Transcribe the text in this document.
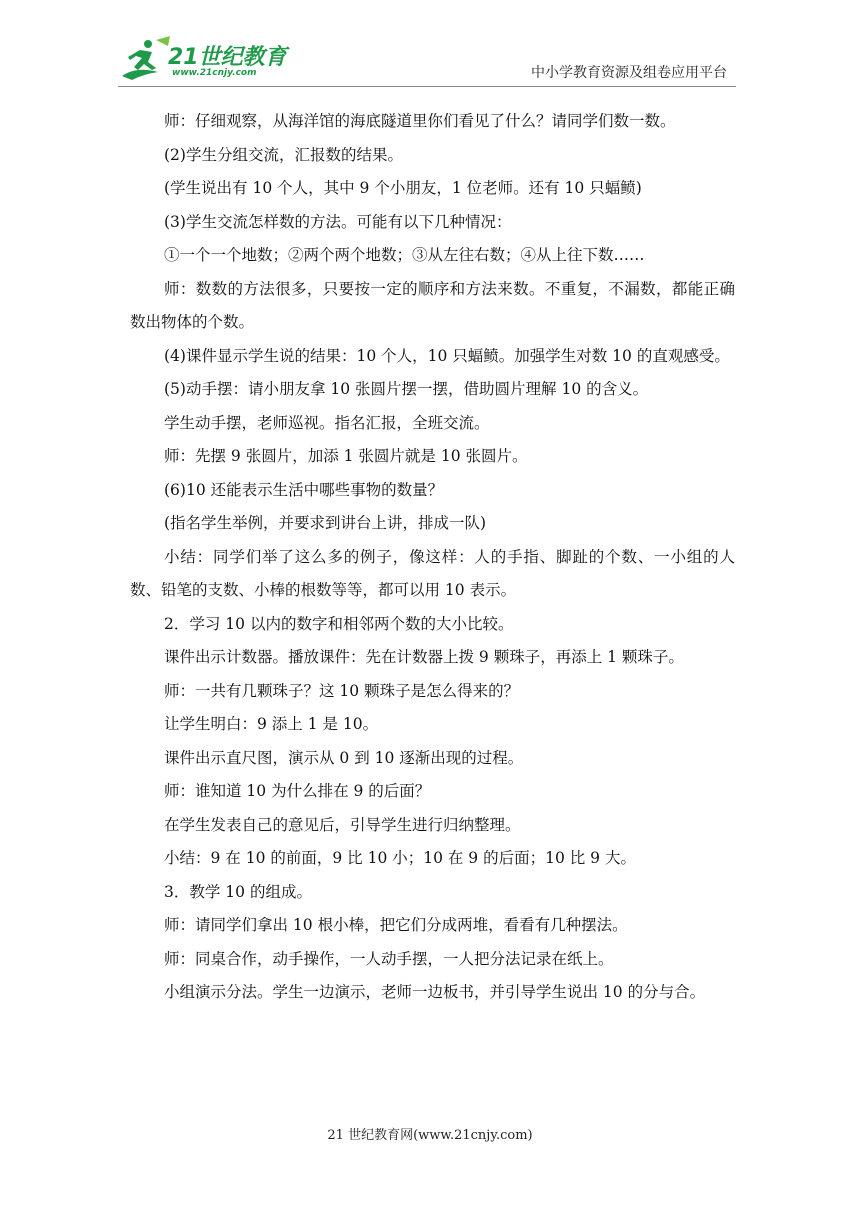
21世纪教育
www.21cnjy.com	中小学教育资源及组卷应用平台

师：仔细观察，从海洋馆的海底隧道里你们看见了什么？请同学们数一数。

(2)学生分组交流，汇报数的结果。

(学生说出有 10 个人，其中 9 个小朋友，1 位老师。还有 10 只蝠鲼)

(3)学生交流怎样数的方法。可能有以下几种情况：

①一个一个地数；②两个两个地数；③从左往右数；④从上往下数……

师：数数的方法很多，只要按一定的顺序和方法来数。不重复，不漏数，都能正确数出物体的个数。

(4)课件显示学生说的结果：10 个人，10 只蝠鲼。加强学生对数 10 的直观感受。

(5)动手摆：请小朋友拿 10 张圆片摆一摆，借助圆片理解 10 的含义。

学生动手摆，老师巡视。指名汇报，全班交流。

师：先摆 9 张圆片，加添 1 张圆片就是 10 张圆片。

(6)10 还能表示生活中哪些事物的数量？

(指名学生举例，并要求到讲台上讲，排成一队)

小结：同学们举了这么多的例子，像这样：人的手指、脚趾的个数、一小组的人数、铅笔的支数、小棒的根数等等，都可以用 10 表示。

2．学习 10 以内的数字和相邻两个数的大小比较。

课件出示计数器。播放课件：先在计数器上拨 9 颗珠子，再添上 1 颗珠子。

师：一共有几颗珠子？这 10 颗珠子是怎么得来的？

让学生明白：9 添上 1 是 10。

课件出示直尺图，演示从 0 到 10 逐渐出现的过程。

师：谁知道 10 为什么排在 9 的后面？

在学生发表自己的意见后，引导学生进行归纳整理。

小结：9 在 10 的前面，9 比 10 小；10 在 9 的后面；10 比 9 大。

3．教学 10 的组成。

师：请同学们拿出 10 根小棒，把它们分成两堆，看看有几种摆法。

师：同桌合作，动手操作，一人动手摆，一人把分法记录在纸上。

小组演示分法。学生一边演示，老师一边板书，并引导学生说出 10 的分与合。

21 世纪教育网(www.21cnjy.com)
